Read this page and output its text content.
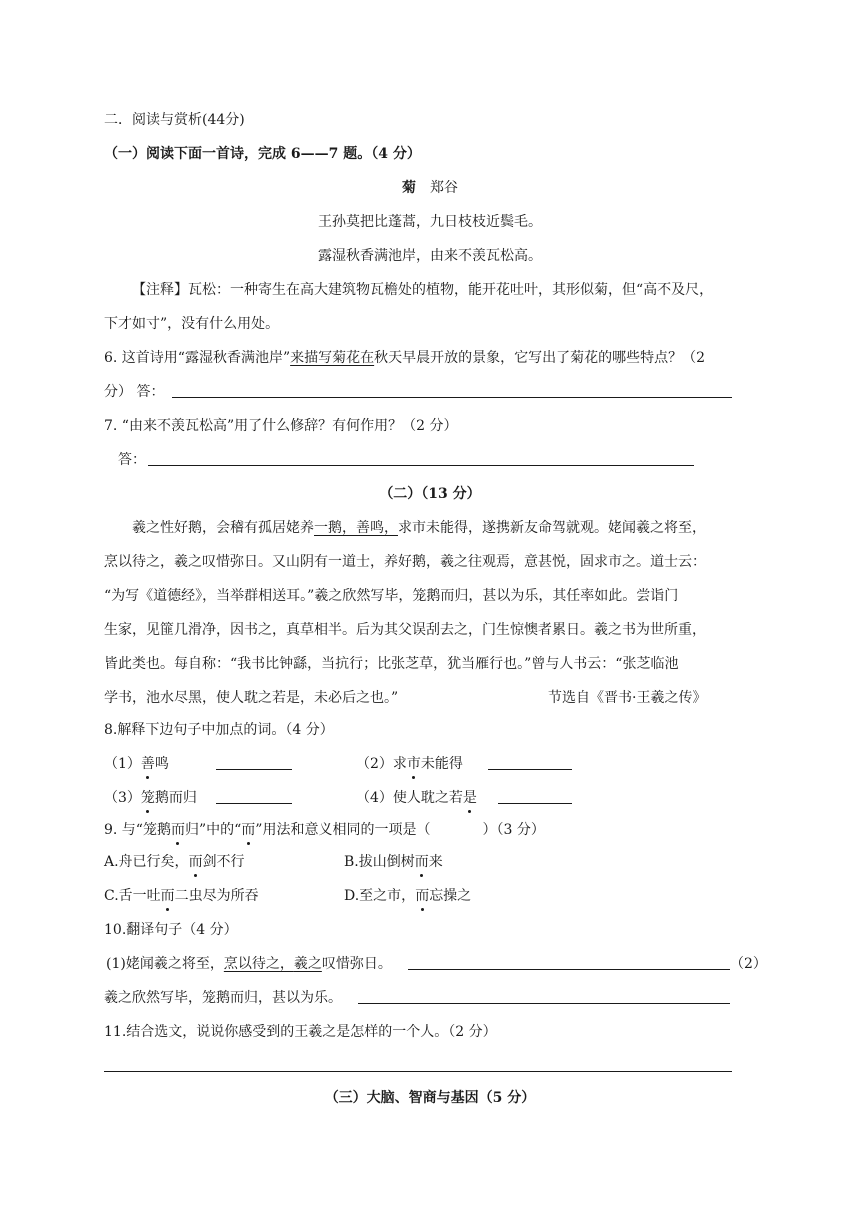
二．阅读与赏析(44分)
（一）阅读下面一首诗，完成 6——7 题。（4 分）
菊 郑谷
王孙莫把比蓬蒿，九日枝枝近鬓毛。
露湿秋香满池岸，由来不羡瓦松高。
【注释】瓦松：一种寄生在高大建筑物瓦檐处的植物，能开花吐叶，其形似菊，但“高不及尺，
下才如寸”，没有什么用处。
6. 这首诗用“露湿秋香满池岸”来描写菊花在秋天早晨开放的景象，它写出了菊花的哪些特点？（2
分） 答：
7. “由来不羡瓦松高”用了什么修辞？有何作用？（2 分）
答：
（二）（13 分）
羲之性好鹅，会稽有孤居姥养一鹅，善鸣，求市未能得，遂携新友命驾就观。姥闻羲之将至，
烹以待之，羲之叹惜弥日。又山阴有一道士，养好鹅，羲之往观焉，意甚悦，固求市之。道士云：
“为写《道德经》，当举群相送耳。”羲之欣然写毕，笼鹅而归，甚以为乐，其任率如此。尝诣门
生家，见篚几滑净，因书之，真草相半。后为其父误刮去之，门生惊懊者累日。羲之书为世所重，
皆此类也。每自称：“我书比钟繇，当抗行；比张芝草，犹当雁行也。”曾与人书云：“张芝临池
学书，池水尽黑，使人耽之若是，未必后之也。”	节选自《晋书·王羲之传》
8.解释下边句子中加点的词。（4 分）
（1）善鸣	（2）求市未能得
（3）笼鹅而归	（4）使人耽之若是
9. 与“笼鹅而归”中的“而”用法和意义相同的一项是（	）（3 分）
A.舟已行矣，而剑不行	B.拔山倒树而来
C.舌一吐而二虫尽为所吞	D.至之市，而忘操之
10.翻译句子（4 分）
(1)姥闻羲之将至，烹以待之，羲之叹惜弥日。	（2）
羲之欣然写毕，笼鹅而归，甚以为乐。
11.结合选文，说说你感受到的王羲之是怎样的一个人。（2 分）
（三）大脑、智商与基因（5 分）
